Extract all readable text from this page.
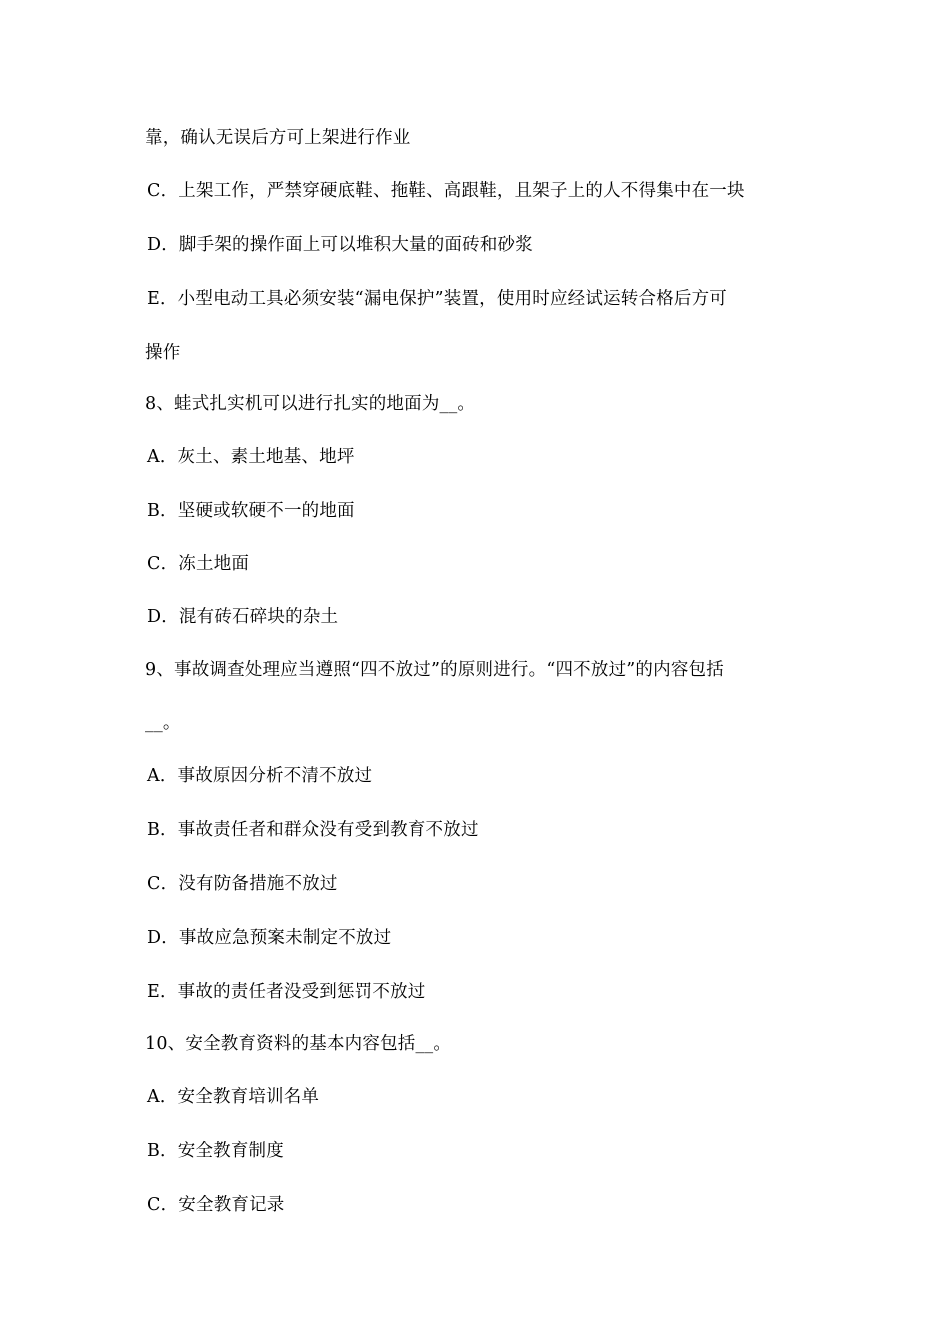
靠，确认无误后方可上架进行作业
C．上架工作，严禁穿硬底鞋、拖鞋、高跟鞋，且架子上的人不得集中在一块
D．脚手架的操作面上可以堆积大量的面砖和砂浆
E．小型电动工具必须安装“漏电保护”装置，使用时应经试运转合格后方可
操作
8、蛙式扎实机可以进行扎实的地面为__。
A．灰土、素土地基、地坪
B．坚硬或软硬不一的地面
C．冻土地面
D．混有砖石碎块的杂土
9、事故调查处理应当遵照“四不放过”的原则进行。“四不放过”的内容包括
__。
A．事故原因分析不清不放过
B．事故责任者和群众没有受到教育不放过
C．没有防备措施不放过
D．事故应急预案未制定不放过
E．事故的责任者没受到惩罚不放过
10、安全教育资料的基本内容包括__。
A．安全教育培训名单
B．安全教育制度
C．安全教育记录
